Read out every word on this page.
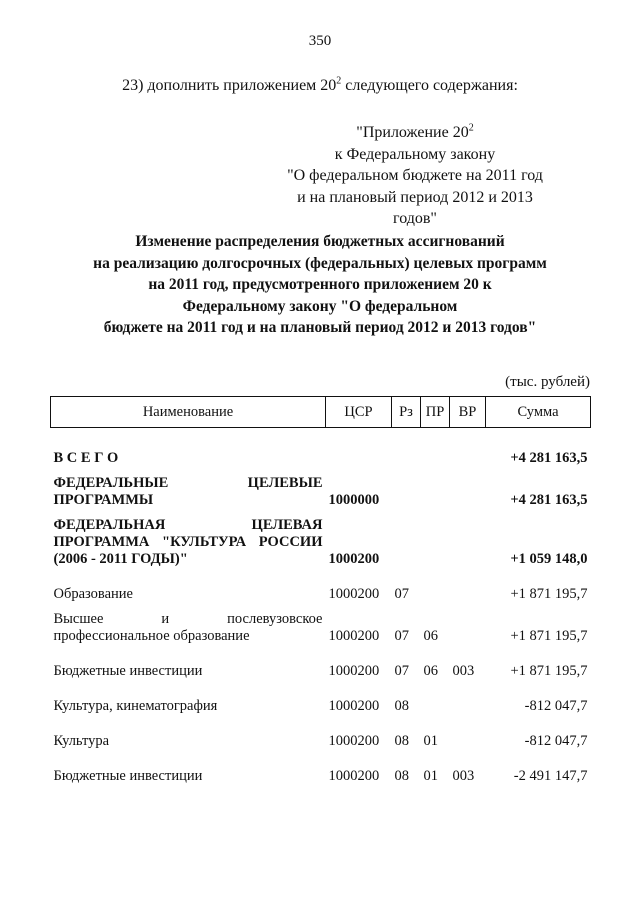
350
23) дополнить приложением $20^2$ следующего содержания:
"Приложение $20^2$
к Федеральному закону
"О федеральном бюджете на 2011 год
и на плановый период 2012 и 2013 годов"
Изменение распределения бюджетных ассигнований
на реализацию долгосрочных (федеральных) целевых программ
на 2011 год, предусмотренного приложением 20 к
Федеральному закону "О федеральном
бюджете на 2011 год и на плановый период 2012 и 2013 годов"
(тыс. рублей)
Наименование	ЦСР	Рз	ПР	ВР	Сумма
В С Е Г О					+4 281 163,5
ФЕДЕРАЛЬНЫЕ ЦЕЛЕВЫЕ ПРОГРАММЫ	1000000				+4 281 163,5
ФЕДЕРАЛЬНАЯ ЦЕЛЕВАЯ ПРОГРАММА "КУЛЬТУРА РОССИИ (2006 - 2011 ГОДЫ)"	1000200				+1 059 148,0
Образование	1000200	07			+1 871 195,7
Высшее и послевузовское профессиональное образование	1000200	07	06		+1 871 195,7
Бюджетные инвестиции	1000200	07	06	003	+1 871 195,7
Культура, кинематография	1000200	08			-812 047,7
Культура	1000200	08	01		-812 047,7
Бюджетные инвестиции	1000200	08	01	003	-2 491 147,7
